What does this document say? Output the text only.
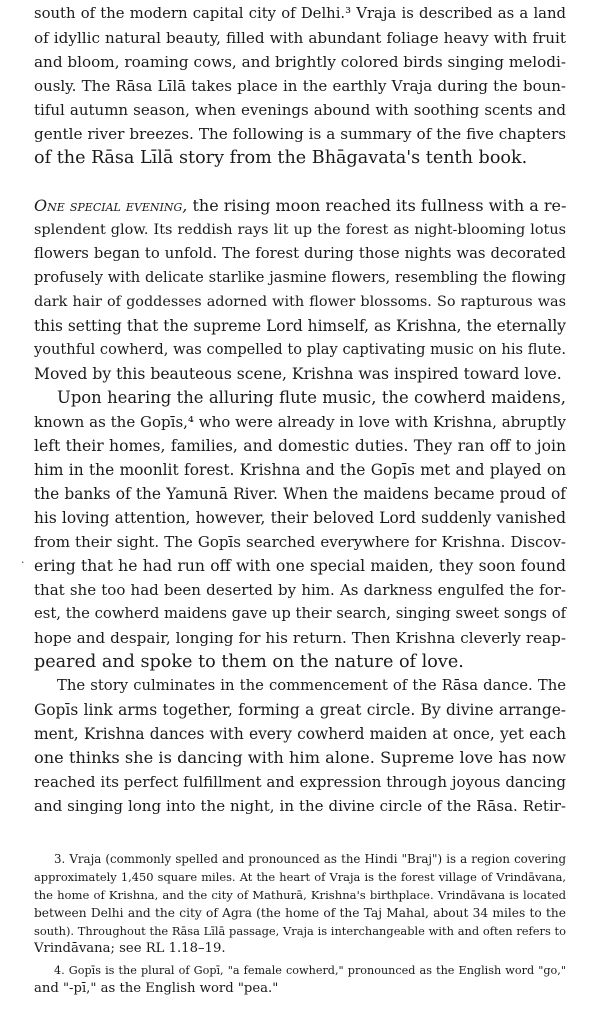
south of the modern capital city of Delhi.³ Vraja is described as a land
of idyllic natural beauty, filled with abundant foliage heavy with fruit
and bloom, roaming cows, and brightly colored birds singing melodi-
ously. The Rāsa Līlā takes place in the earthly Vraja during the boun-
tiful autumn season, when evenings abound with soothing scents and
gentle river breezes. The following is a summary of the five chapters
of the Rāsa Līlā story from the Bhāgavata's tenth book.
One special evening, the rising moon reached its fullness with a re-
splendent glow. Its reddish rays lit up the forest as night-blooming lotus
flowers began to unfold. The forest during those nights was decorated
profusely with delicate starlike jasmine flowers, resembling the flowing
dark hair of goddesses adorned with flower blossoms. So rapturous was
this setting that the supreme Lord himself, as Krishna, the eternally
youthful cowherd, was compelled to play captivating music on his flute.
Moved by this beauteous scene, Krishna was inspired toward love.
Upon hearing the alluring flute music, the cowherd maidens,
known as the Gopīs,⁴ who were already in love with Krishna, abruptly
left their homes, families, and domestic duties. They ran off to join
him in the moonlit forest. Krishna and the Gopīs met and played on
the banks of the Yamunā River. When the maidens became proud of
his loving attention, however, their beloved Lord suddenly vanished
from their sight. The Gopīs searched everywhere for Krishna. Discov-
ering that he had run off with one special maiden, they soon found
that she too had been deserted by him. As darkness engulfed the for-
est, the cowherd maidens gave up their search, singing sweet songs of
hope and despair, longing for his return. Then Krishna cleverly reap-
peared and spoke to them on the nature of love.
The story culminates in the commencement of the Rāsa dance. The
Gopīs link arms together, forming a great circle. By divine arrange-
ment, Krishna dances with every cowherd maiden at once, yet each
one thinks she is dancing with him alone. Supreme love has now
reached its perfect fulfillment and expression through joyous dancing
and singing long into the night, in the divine circle of the Rāsa. Retir-
3. Vraja (commonly spelled and pronounced as the Hindi "Braj") is a region covering
approximately 1,450 square miles. At the heart of Vraja is the forest village of Vrindāvana,
the home of Krishna, and the city of Mathurā, Krishna's birthplace. Vrindāvana is located
between Delhi and the city of Agra (the home of the Taj Mahal, about 34 miles to the
south). Throughout the Rāsa Līlā passage, Vraja is interchangeable with and often refers to
Vrindāvana; see RL 1.18–19.
4. Gopīs is the plural of Gopī, "a female cowherd," pronounced as the English word "go,"
and "-pī," as the English word "pea."
·
